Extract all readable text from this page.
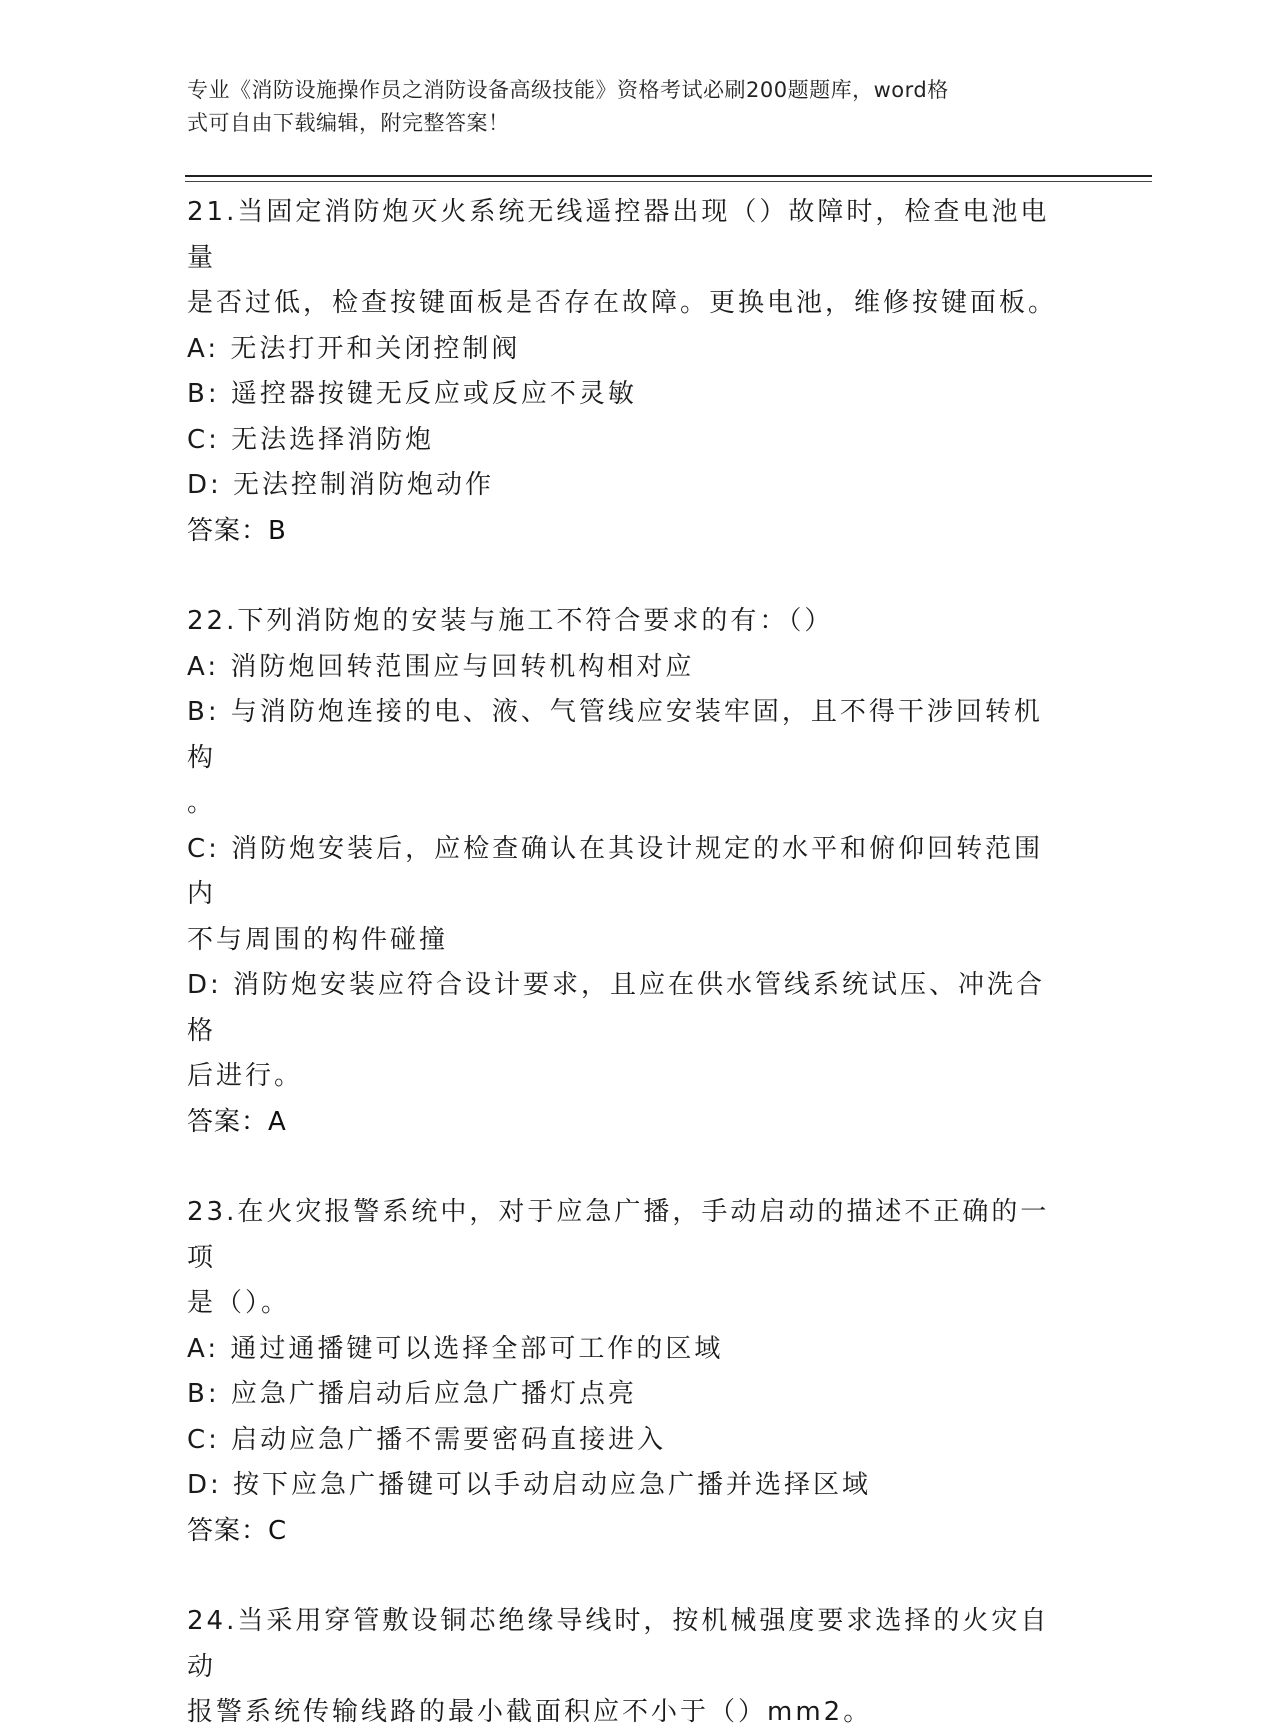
专业《消防设施操作员之消防设备高级技能》资格考试必刷200题题库，word格
式可自由下载编辑，附完整答案！
21.当固定消防炮灭火系统无线遥控器出现（）故障时，检查电池电量
是否过低，检查按键面板是否存在故障。更换电池，维修按键面板。
A: 无法打开和关闭控制阀
B: 遥控器按键无反应或反应不灵敏
C: 无法选择消防炮
D: 无法控制消防炮动作
答案：B
22.下列消防炮的安装与施工不符合要求的有：（）
A: 消防炮回转范围应与回转机构相对应
B: 与消防炮连接的电、液、气管线应安装牢固，且不得干涉回转机构
。
C: 消防炮安装后，应检查确认在其设计规定的水平和俯仰回转范围内
不与周围的构件碰撞
D: 消防炮安装应符合设计要求，且应在供水管线系统试压、冲洗合格
后进行。
答案：A
23.在火灾报警系统中，对于应急广播，手动启动的描述不正确的一项
是（）。
A: 通过通播键可以选择全部可工作的区域
B: 应急广播启动后应急广播灯点亮
C: 启动应急广播不需要密码直接进入
D: 按下应急广播键可以手动启动应急广播并选择区域
答案：C
24.当采用穿管敷设铜芯绝缘导线时，按机械强度要求选择的火灾自动
报警系统传输线路的最小截面积应不小于（）mm2。
